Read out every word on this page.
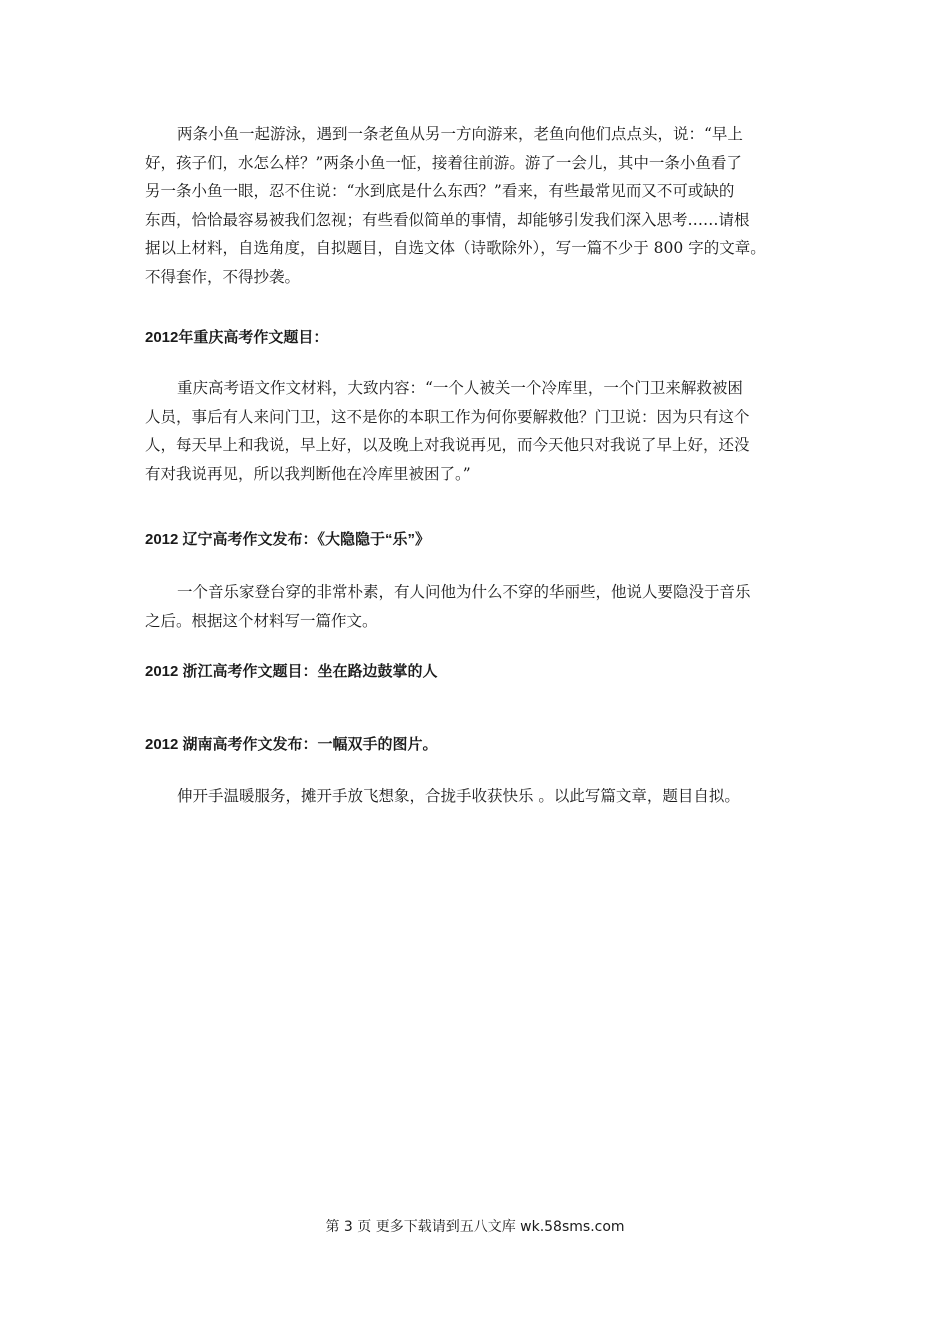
两条小鱼一起游泳，遇到一条老鱼从另一方向游来，老鱼向他们点点头，说：“早上
好，孩子们，水怎么样？”两条小鱼一怔，接着往前游。游了一会儿，其中一条小鱼看了
另一条小鱼一眼，忍不住说：“水到底是什么东西？”看来，有些最常见而又不可或缺的
东西，恰恰最容易被我们忽视；有些看似简单的事情，却能够引发我们深入思考……请根
据以上材料，自选角度，自拟题目，自选文体（诗歌除外），写一篇不少于 800 字的文章。
不得套作，不得抄袭。
2012年重庆高考作文题目：
重庆高考语文作文材料，大致内容：“一个人被关一个冷库里，一个门卫来解救被困
人员，事后有人来问门卫，这不是你的本职工作为何你要解救他？门卫说：因为只有这个
人，每天早上和我说，早上好，以及晚上对我说再见，而今天他只对我说了早上好，还没
有对我说再见，所以我判断他在冷库里被困了。”
2012 辽宁高考作文发布：《大隐隐于“乐”》
一个音乐家登台穿的非常朴素，有人问他为什么不穿的华丽些，他说人要隐没于音乐
之后。根据这个材料写一篇作文。
2012 浙江高考作文题目：坐在路边鼓掌的人
2012 湖南高考作文发布：一幅双手的图片。
伸开手温暖服务，摊开手放飞想象，合拢手收获快乐 。以此写篇文章，题目自拟。
第 3 页 更多下载请到五八文库 wk.58sms.com
